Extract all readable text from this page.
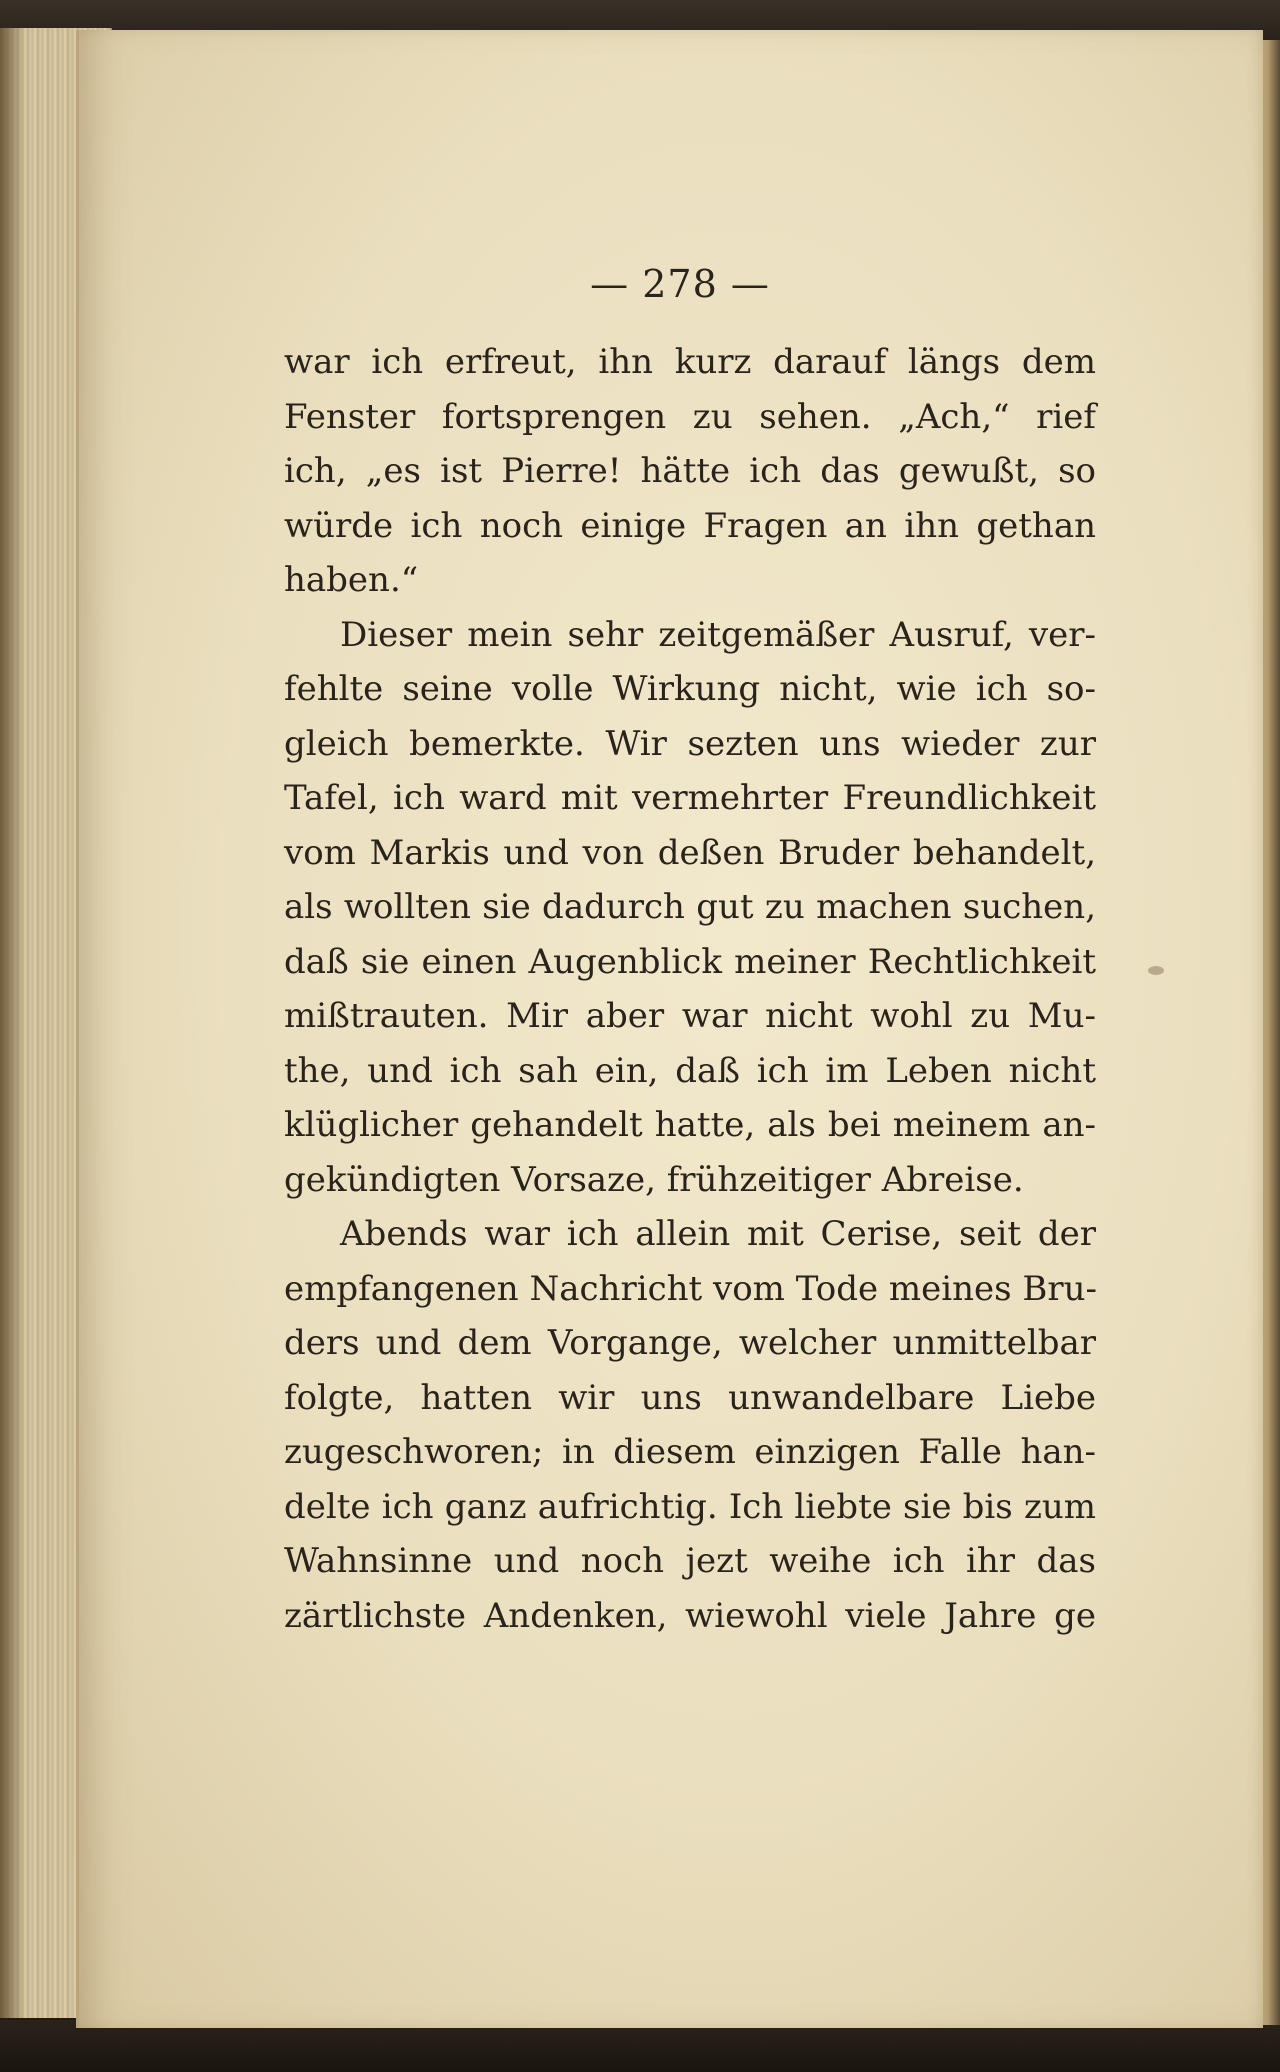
— 278 —
war ich erfreut, ihn kurz darauf längs dem
Fenster fortsprengen zu sehen. „Ach,“ rief
ich, „es ist Pierre! hätte ich das gewußt, so
würde ich noch einige Fragen an ihn gethan
haben.“
Dieser mein sehr zeitgemäßer Ausruf, ver-
fehlte seine volle Wirkung nicht, wie ich so-
gleich bemerkte. Wir sezten uns wieder zur
Tafel, ich ward mit vermehrter Freundlichkeit
vom Markis und von deßen Bruder behandelt,
als wollten sie dadurch gut zu machen suchen,
daß sie einen Augenblick meiner Rechtlichkeit
mißtrauten. Mir aber war nicht wohl zu Mu-
the, und ich sah ein, daß ich im Leben nicht
klüglicher gehandelt hatte, als bei meinem an-
gekündigten Vorsaze, frühzeitiger Abreise.
Abends war ich allein mit Cerise, seit der
empfangenen Nachricht vom Tode meines Bru-
ders und dem Vorgange, welcher unmittelbar
folgte, hatten wir uns unwandelbare Liebe
zugeschworen; in diesem einzigen Falle han-
delte ich ganz aufrichtig. Ich liebte sie bis zum
Wahnsinne und noch jezt weihe ich ihr das
zärtlichste Andenken, wiewohl viele Jahre ge
